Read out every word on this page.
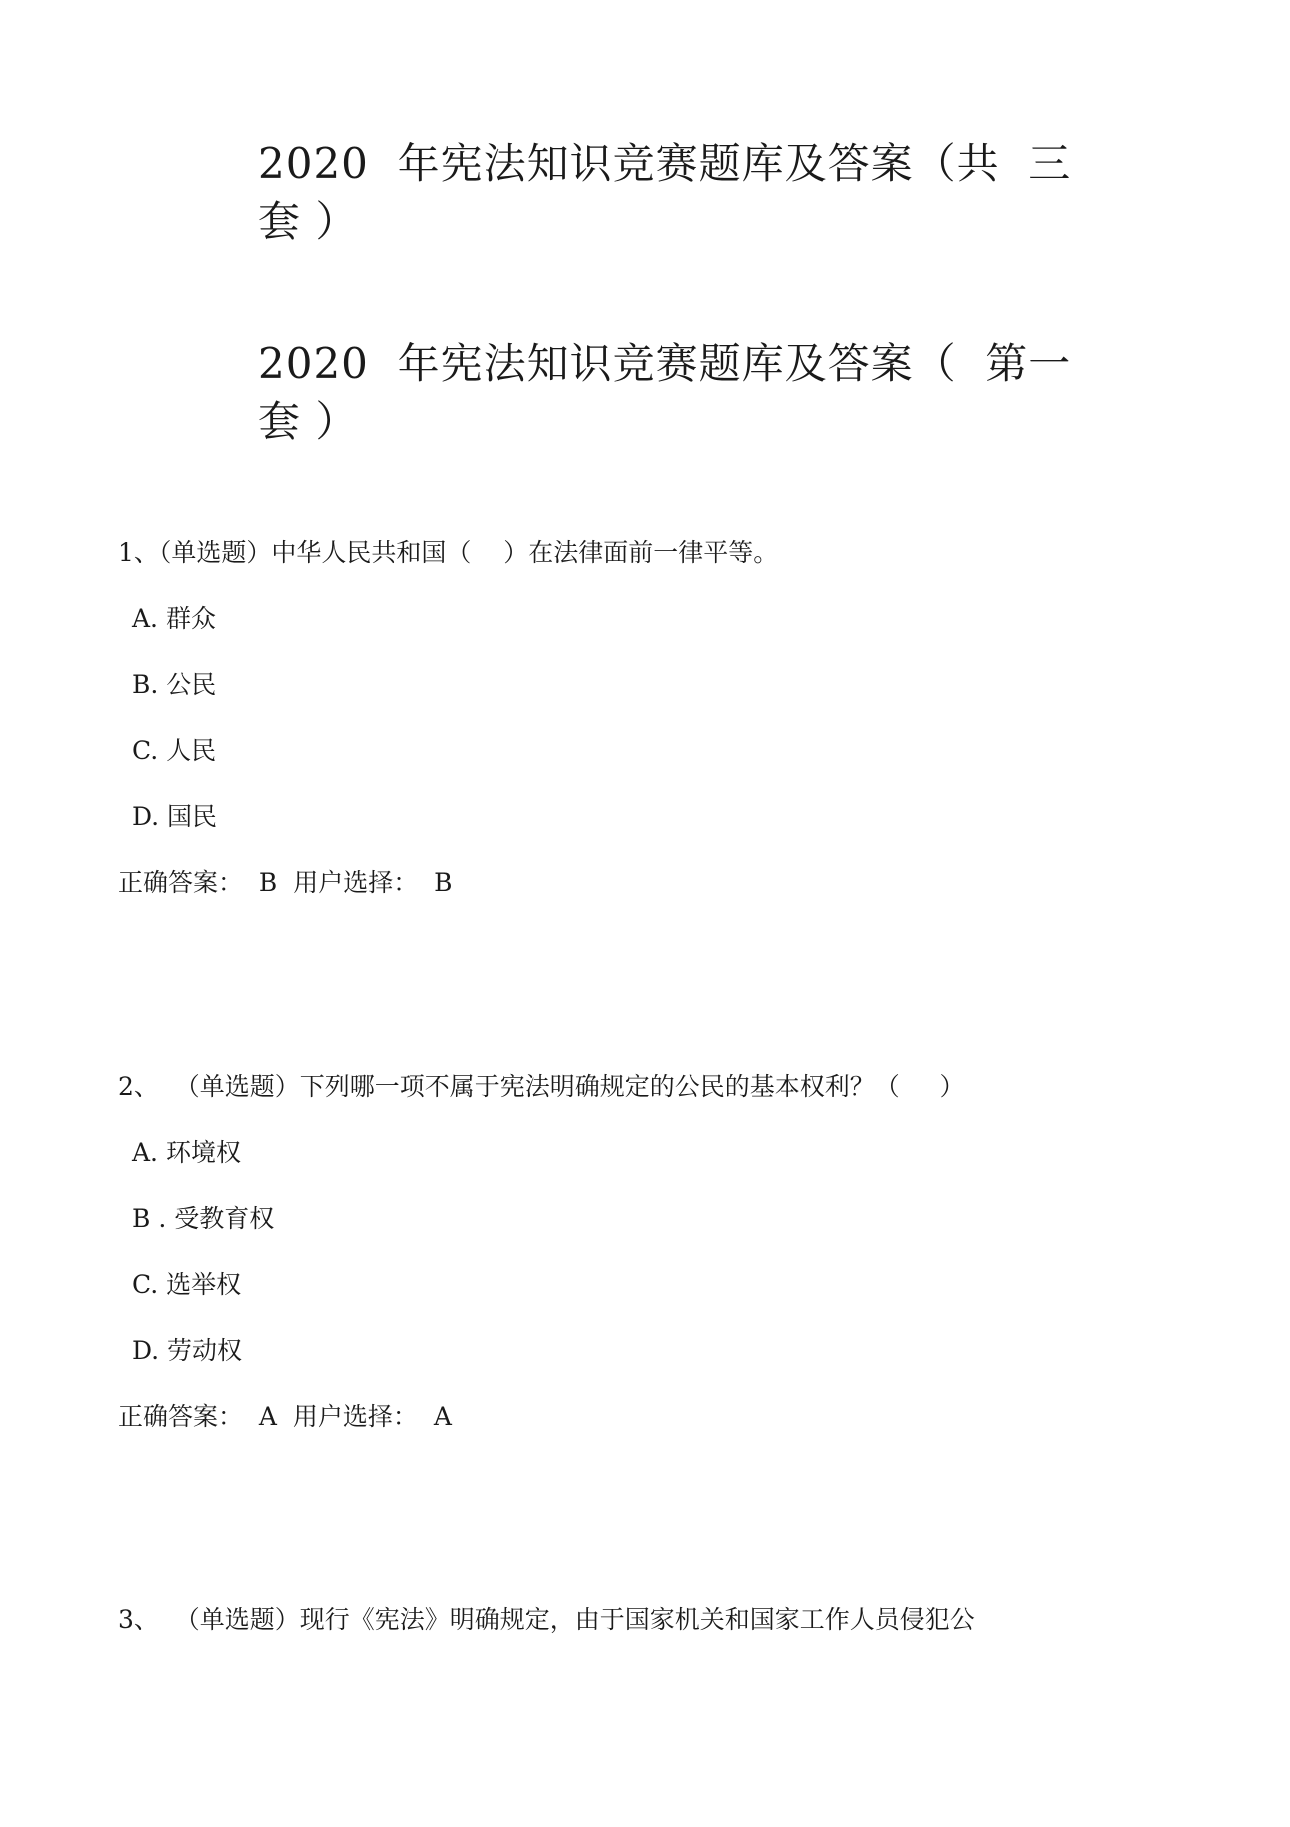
2020  年宪法知识竞赛题库及答案（共  三
套 ）
2020  年宪法知识竞赛题库及答案（  第一
套 ）

1、（单选题）中华人民共和国（    ）在法律面前一律平等。

A. 群众

B. 公民

C. 人民

D. 国民

正确答案： B 用户选择： B

2、  （单选题）下列哪一项不属于宪法明确规定的公民的基本权利？（     ）

A. 环境权

B . 受教育权

C. 选举权

D. 劳动权

正确答案： A 用户选择： A

3、  （单选题）现行《宪法》明确规定，由于国家机关和国家工作人员侵犯公
